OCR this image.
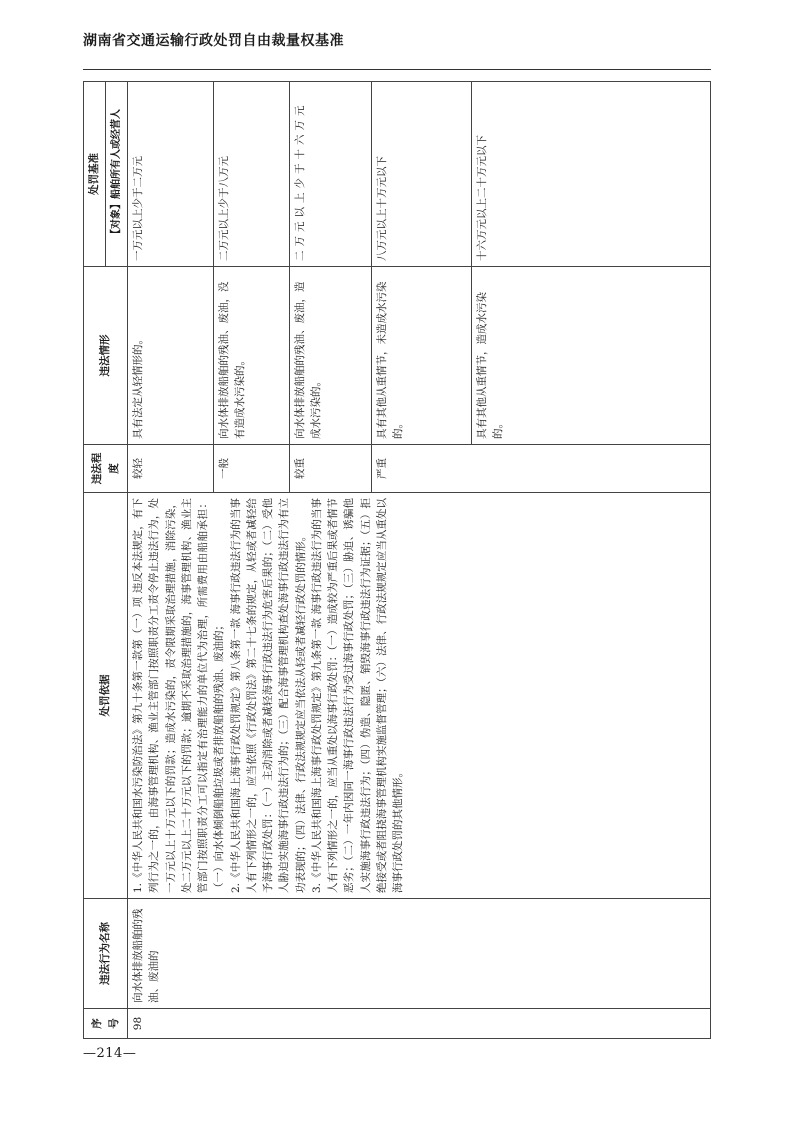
湖南省交通运输行政处罚自由裁量权基准
序号	违法行为名称	处罚依据	违法程度	违法情形	处罚基准
					【对象】船舶所有人或经营人
98	向水体排放船舶的残油、废油的	1.《中华人民共和国水污染防治法》第九十条第一款第（一）项 违反本法规定，有下列行为之一的，由海事管理机构、渔业主管部门按照职责分工责令停止违法行为，处一万元以上十万元以下的罚款；造成水污染的，责令限期采取治理措施，消除污染，处二万元以上二十万元以下的罚款；逾期不采取治理措施的，海事管理机构、渔业主管部门按照职责分工可以指定有治理能力的单位代为治理，所需费用由船舶承担：（一）向水体倾倒船舶垃圾或者排放船舶的残油、废油的； 2.《中华人民共和国海上海事行政处罚规定》第八条第一款 海事行政违法行为的当事人有下列情形之一的，应当依照《行政处罚法》第二十七条的规定，从轻或者减轻给予海事行政处罚：（一）主动消除或者减轻海事行政违法行为危害后果的；（二）受他人胁迫实施海事行政违法行为的；（三）配合海事管理机构查处海事行政违法行为有立功表现的；（四）法律、行政法规规定应当依法从轻或者减轻行政处罚的情形。 3.《中华人民共和国海上海事行政处罚规定》第九条第一款 海事行政违法行为的当事人有下列情形之一的，应当从重处以海事行政处罚：（一）造成较为严重后果或者情节恶劣；（二）一年内因同一海事行政违法行为受过海事行政处罚；（三）胁迫、诱骗他人实施海事行政违法行为；（四）伪造、隐匿、销毁海事行政违法行为证据；（五）拒绝接受或者阻挠海事管理机构实施监督管理；（六）法律、行政法规规定应当从重处以海事行政处罚的其他情形。	较轻	具有法定从轻情形的。	一万元以上少于二万元
			一般	向水体排放船舶的残油、废油，没有造成水污染的。	二万元以上少于八万元
			较重	向水体排放船舶的残油、废油，造成水污染的。	二万元以上少于十六万元
			严重	具有其他从重情节，未造成水污染的。	八万元以上十万元以下
				具有其他从重情节，造成水污染的。	十六万元以上二十万元以下
—214—
